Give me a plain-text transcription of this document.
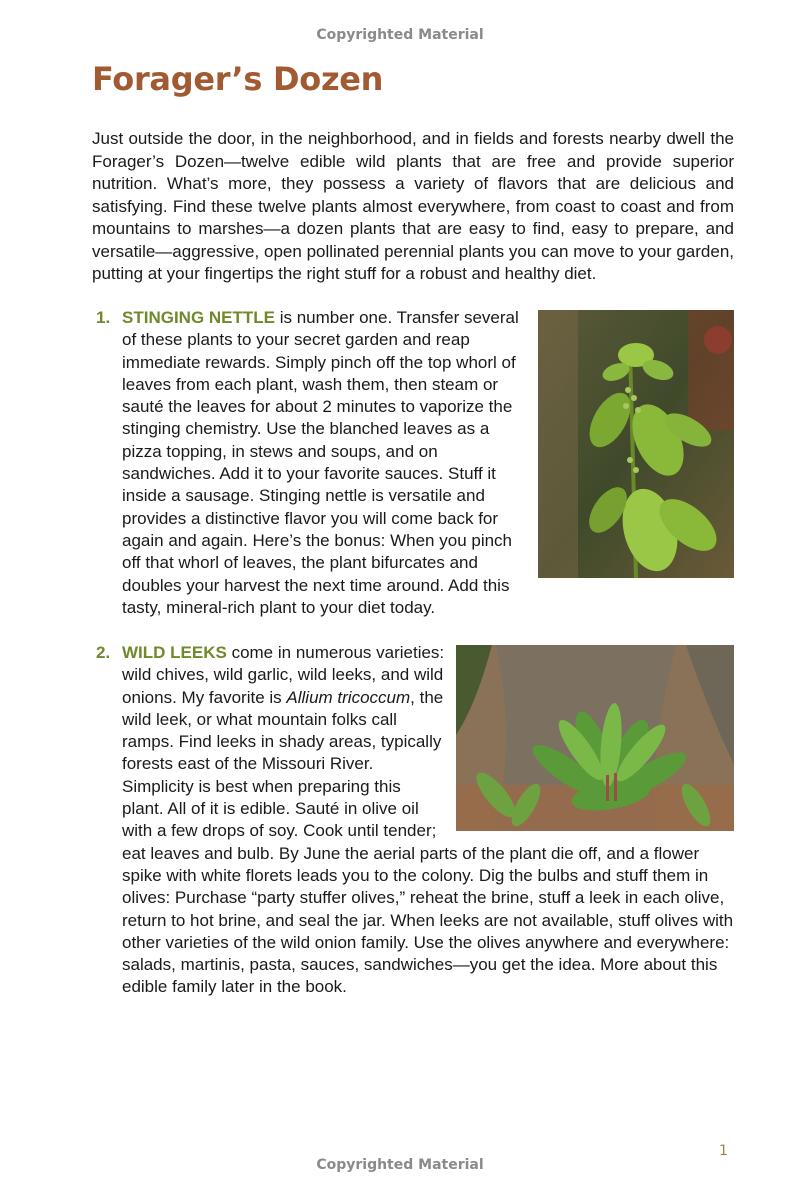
Copyrighted Material
Forager’s Dozen

Just outside the door, in the neighborhood, and in fields and forests nearby dwell the Forager’s Dozen—twelve edible wild plants that are free and provide superior nutrition. What’s more, they possess a variety of flavors that are delicious and satisfying. Find these twelve plants almost everywhere, from coast to coast and from mountains to marshes—a dozen plants that are easy to find, easy to prepare, and versatile—aggressive, open pollinated perennial plants you can move to your garden, putting at your fingertips the right stuff for a robust and healthy diet.

1. STINGING NETTLE is number one. Transfer several of these plants to your secret garden and reap immediate rewards. Simply pinch off the top whorl of leaves from each plant, wash them, then steam or sauté the leaves for about 2 minutes to vaporize the stinging chemistry. Use the blanched leaves as a pizza topping, in stews and soups, and on sandwiches. Add it to your favorite sauces. Stuff it inside a sausage. Stinging nettle is versatile and provides a distinctive flavor you will come back for again and again. Here’s the bonus: When you pinch off that whorl of leaves, the plant bifurcates and doubles your harvest the next time around. Add this tasty, mineral-rich plant to your diet today.
2. WILD LEEKS come in numerous varieties: wild chives, wild garlic, wild leeks, and wild onions. My favorite is Allium tricoccum, the wild leek, or what mountain folks call ramps. Find leeks in shady areas, typically forests east of the Missouri River. Simplicity is best when preparing this plant. All of it is edible. Sauté in olive oil with a few drops of soy. Cook until tender; eat leaves and bulb. By June the aerial parts of the plant die off, and a flower spike with white florets leads you to the colony. Dig the bulbs and stuff them in olives: Purchase “party stuffer olives,” reheat the brine, stuff a leek in each olive, return to hot brine, and seal the jar. When leeks are not available, stuff olives with other varieties of the wild onion family. Use the olives anywhere and everywhere: salads, martinis, pasta, sauces, sandwiches—you get the idea. More about this edible family later in the book.
1
Copyrighted Material
